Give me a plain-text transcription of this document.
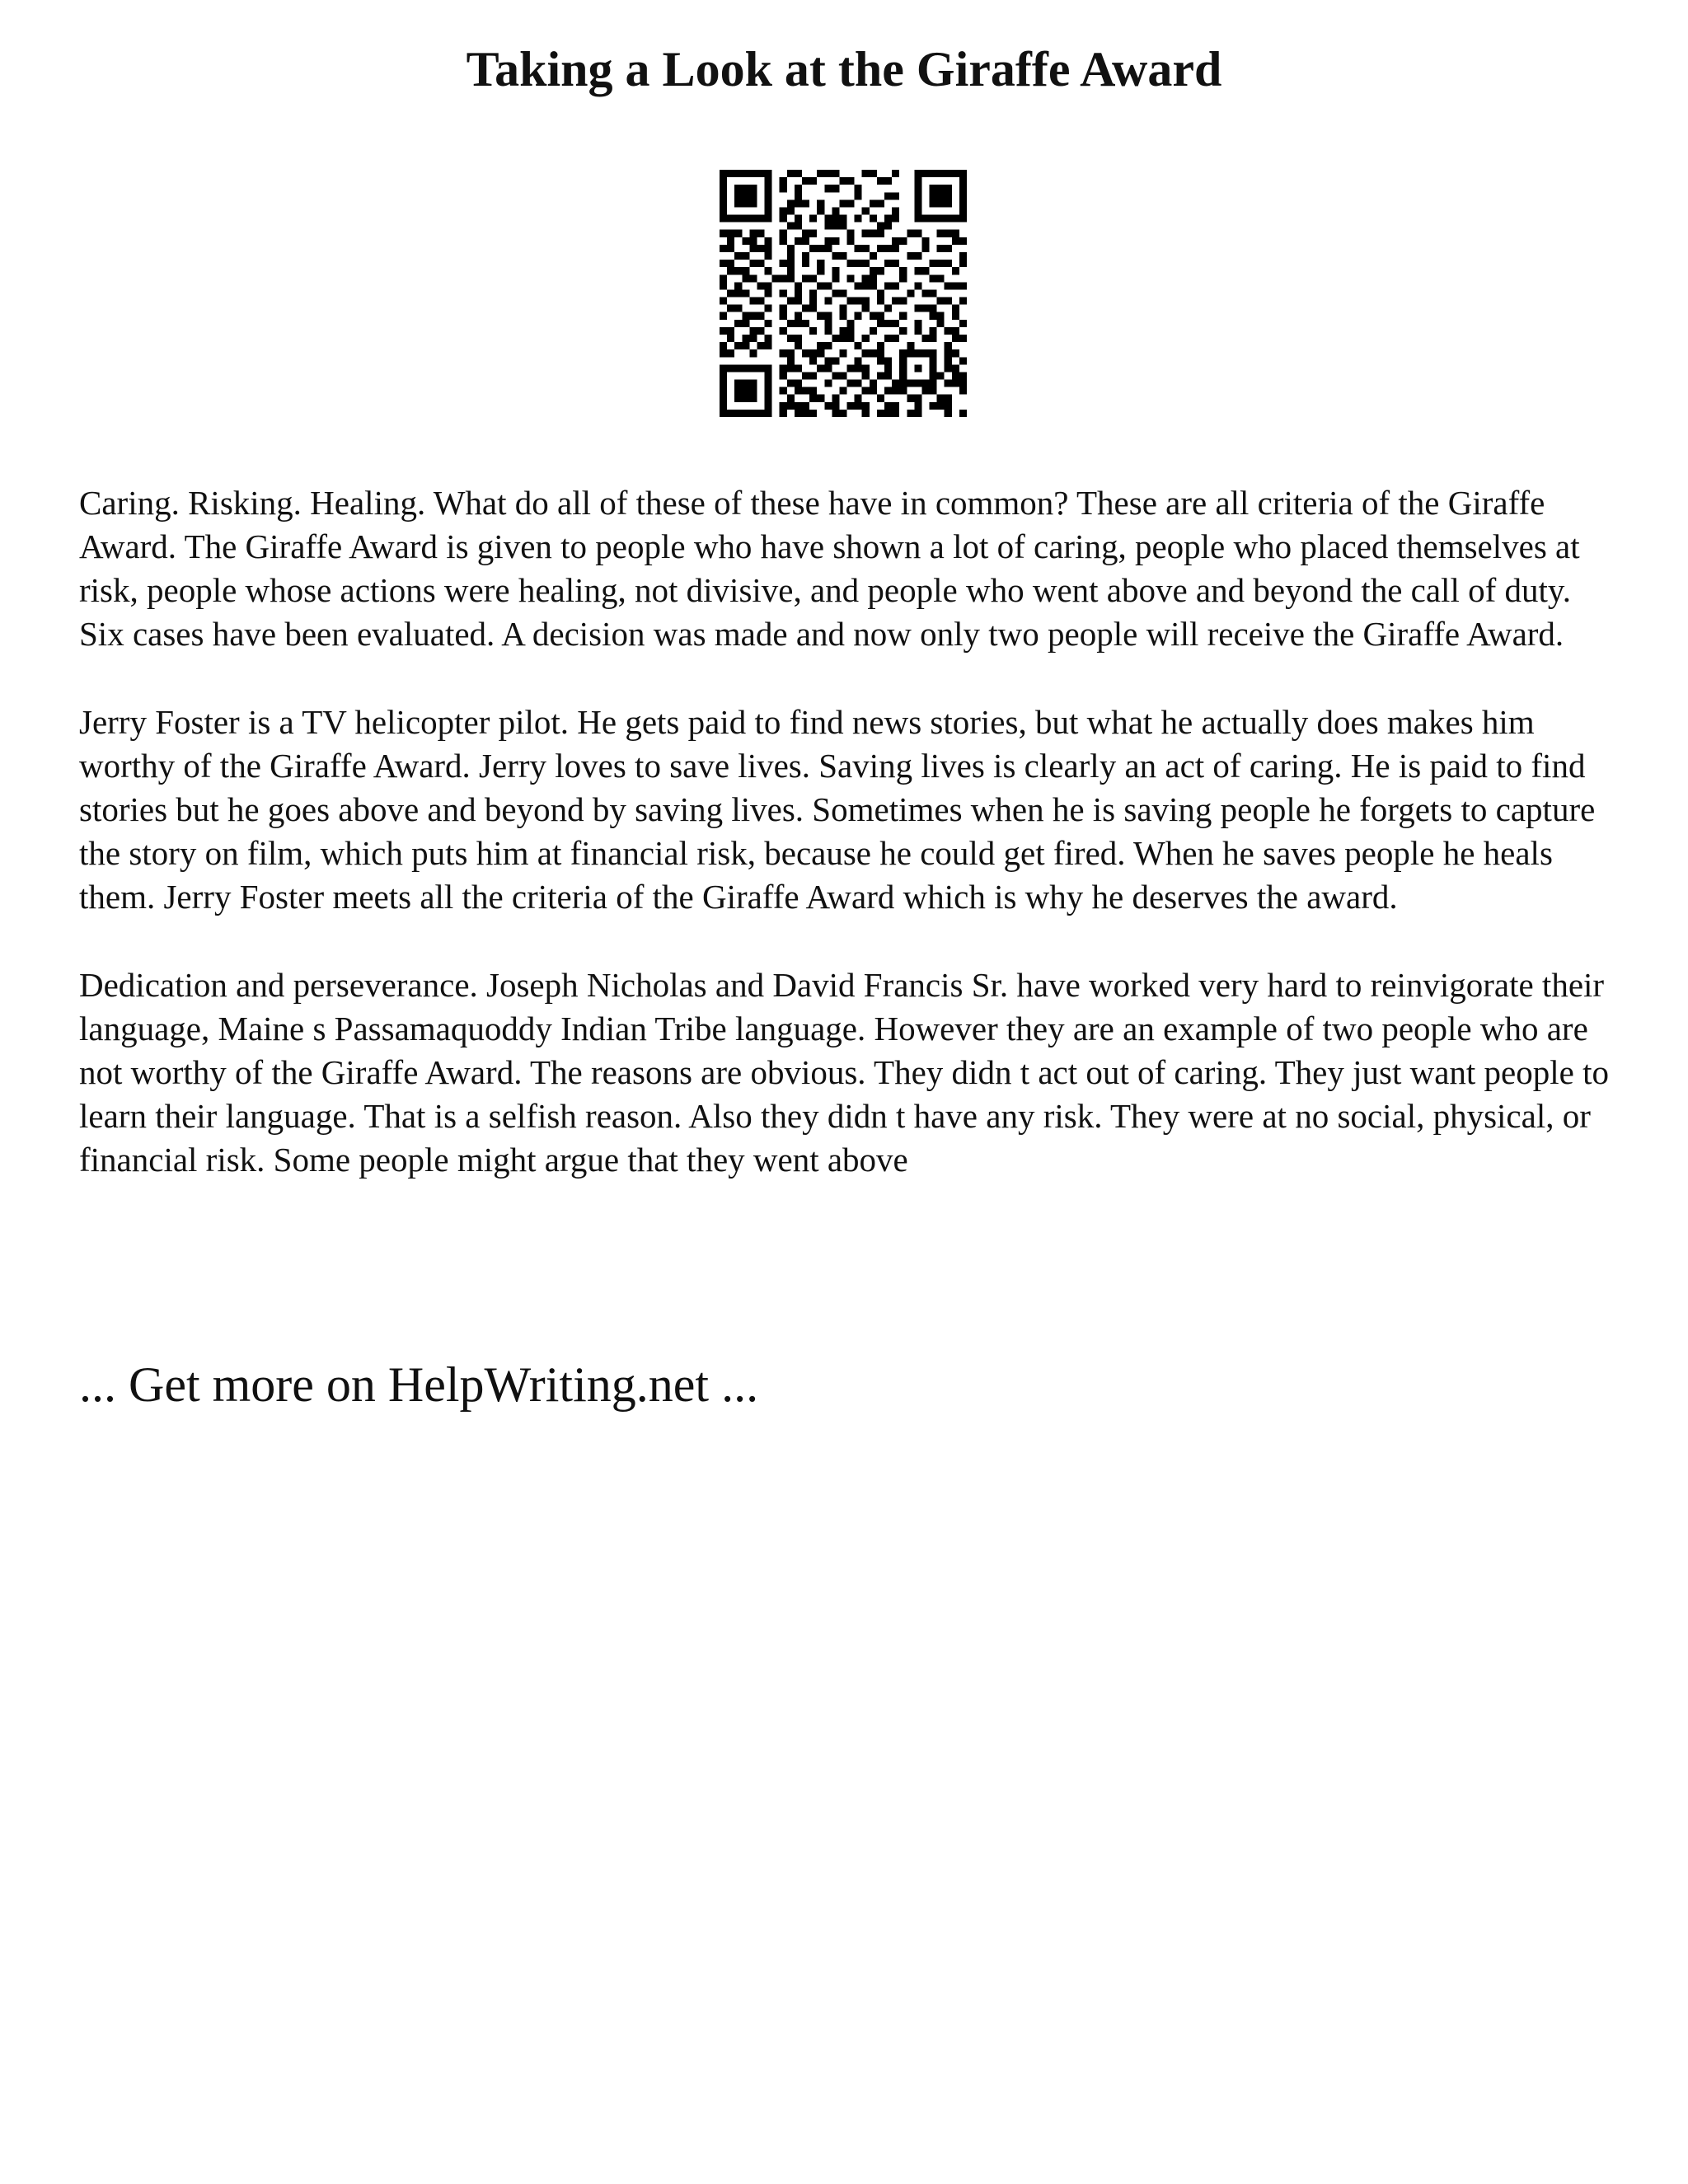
Taking a Look at the Giraffe Award

Caring. Risking. Healing. What do all of these of these have in common? These are all criteria of the Giraffe Award. The Giraffe Award is given to people who have shown a lot of caring, people who placed themselves at risk, people whose actions were healing, not divisive, and people who went above and beyond the call of duty. Six cases have been evaluated. A decision was made and now only two people will receive the Giraffe Award.

Jerry Foster is a TV helicopter pilot. He gets paid to find news stories, but what he actually does makes him worthy of the Giraffe Award. Jerry loves to save lives. Saving lives is clearly an act of caring. He is paid to find stories but he goes above and beyond by saving lives. Sometimes when he is saving people he forgets to capture the story on film, which puts him at financial risk, because he could get fired. When he saves people he heals them. Jerry Foster meets all the criteria of the Giraffe Award which is why he deserves the award.

Dedication and perseverance. Joseph Nicholas and David Francis Sr. have worked very hard to reinvigorate their language, Maine s Passamaquoddy Indian Tribe language. However they are an example of two people who are not worthy of the Giraffe Award. The reasons are obvious. They didn t act out of caring. They just want people to learn their language. That is a selfish reason. Also they didn t have any risk. They were at no social, physical, or financial risk. Some people might argue that they went above

... Get more on HelpWriting.net ...
